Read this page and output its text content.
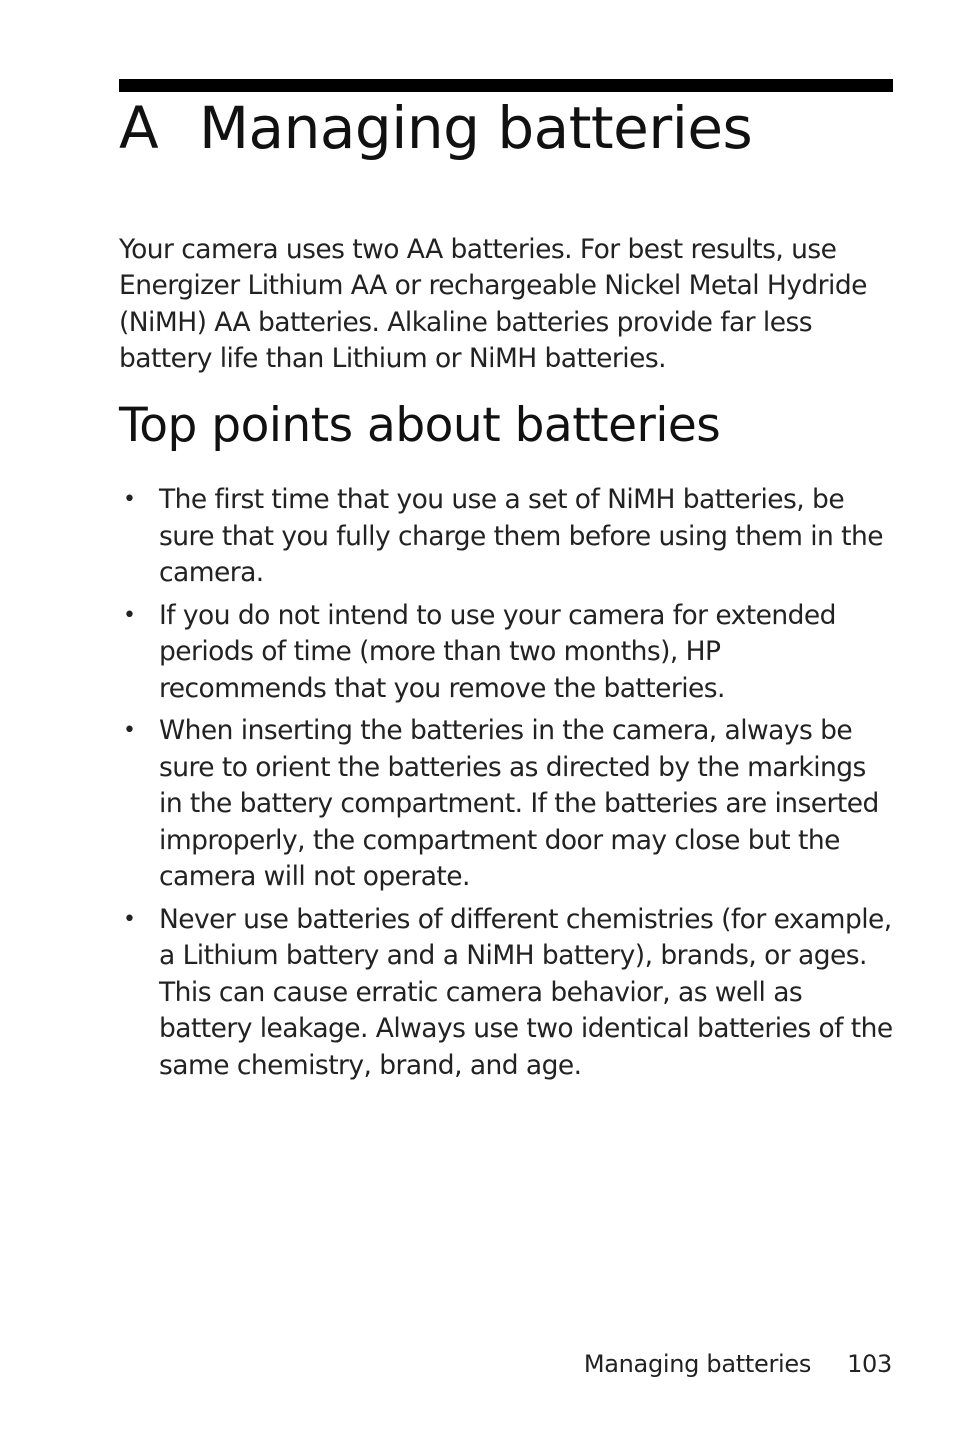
A Managing batteries

Your camera uses two AA batteries. For best results, use Energizer Lithium AA or rechargeable Nickel Metal Hydride (NiMH) AA batteries. Alkaline batteries provide far less battery life than Lithium or NiMH batteries.

Top points about batteries
• The first time that you use a set of NiMH batteries, be sure that you fully charge them before using them in the camera.
• If you do not intend to use your camera for extended periods of time (more than two months), HP recommends that you remove the batteries.
• When inserting the batteries in the camera, always be sure to orient the batteries as directed by the markings in the battery compartment. If the batteries are inserted improperly, the compartment door may close but the camera will not operate.
• Never use batteries of different chemistries (for example, a Lithium battery and a NiMH battery), brands, or ages. This can cause erratic camera behavior, as well as battery leakage. Always use two identical batteries of the same chemistry, brand, and age.
Managing batteries 103
